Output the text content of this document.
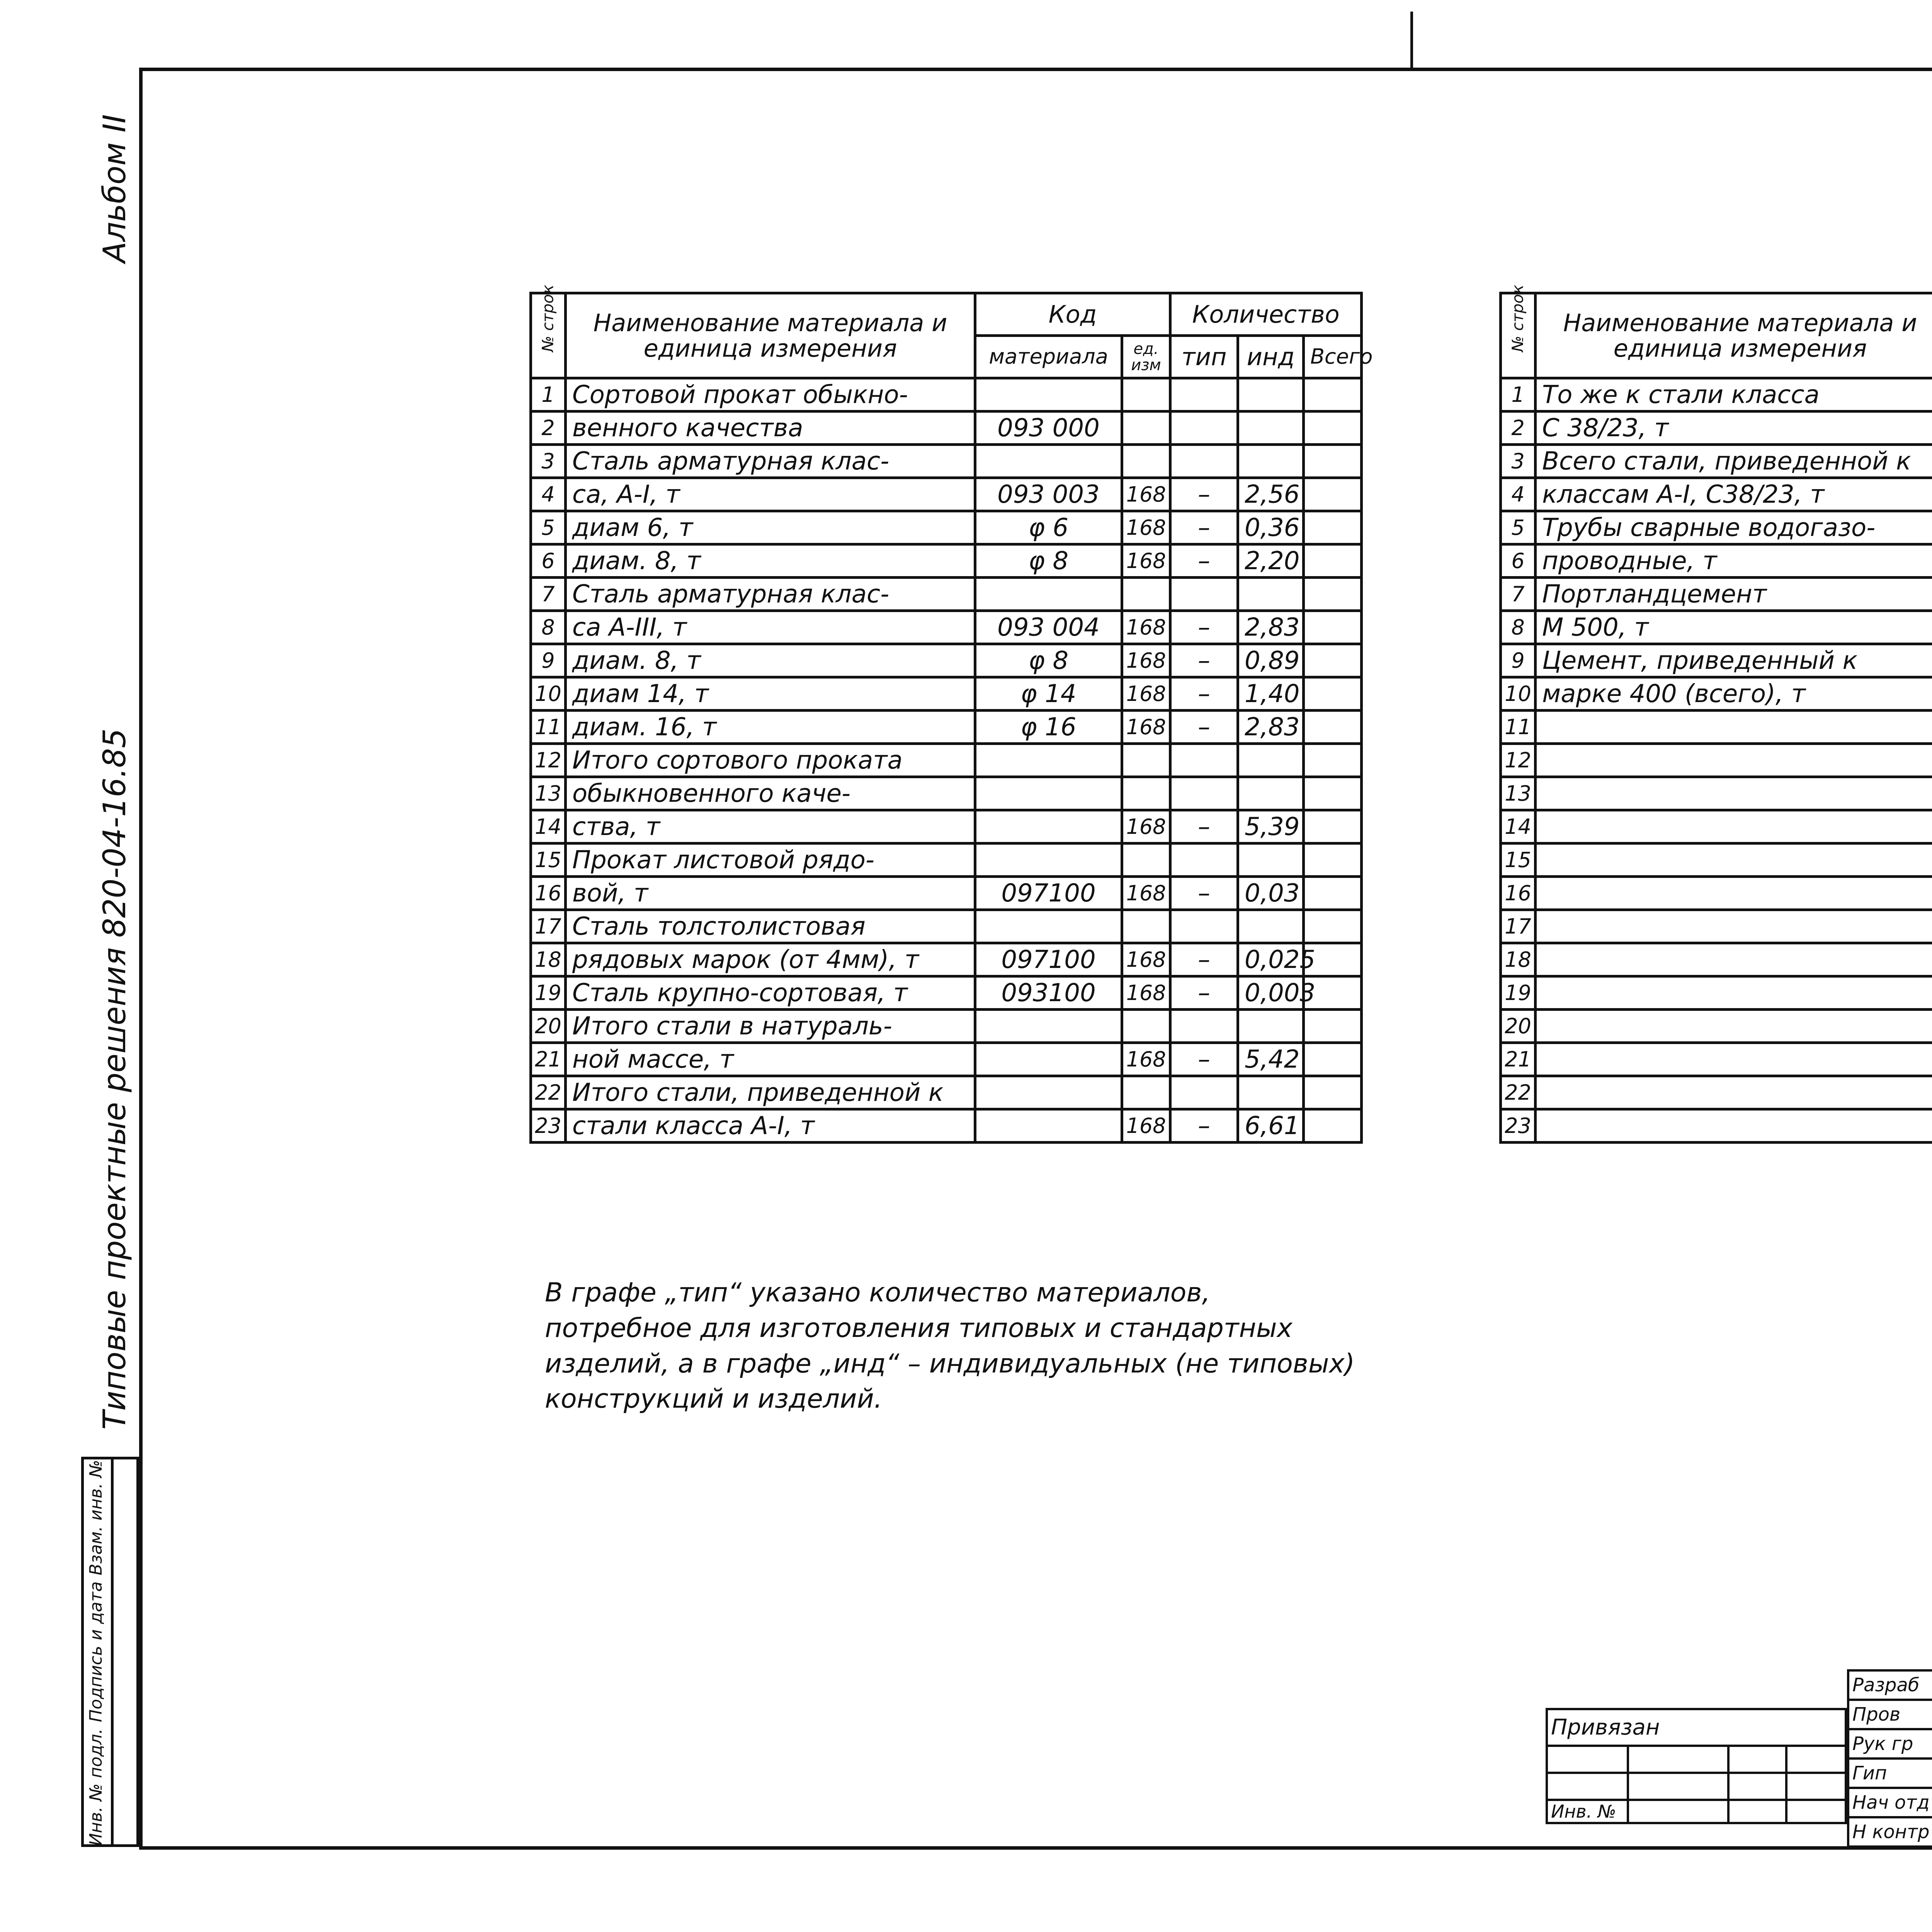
Альбом II
Типовые проектные решения 820-04-16.85
Инв. № подл.
Подпись и дата
Взам. инв. №
№ строк	Наименование материала и единица измерения	Код		Количество		
		материала	ед. изм	тип	инд	Всего
1	Сортовой прокат обыкно-					
2	венного качества	093 000				
3	Сталь арматурная клас-					
4	са, А-I, т	093 003	168	–	2,56	
5	диам 6, т	φ 6	168	–	0,36	
6	диам. 8, т	φ 8	168	–	2,20	
7	Сталь арматурная клас-					
8	са А-III, т	093 004	168	–	2,83	
9	диам. 8, т	φ 8	168	–	0,89	
10	диам 14, т	φ 14	168	–	1,40	
11	диам. 16, т	φ 16	168	–	2,83	
12	Итого сортового проката					
13	обыкновенного каче-					
14	ства, т		168	–	5,39	
15	Прокат листовой рядо-					
16	вой, т	097100	168	–	0,03	
17	Сталь толстолистовая					
18	рядовых марок (от 4мм), т	097100	168	–	0,025	
19	Сталь крупно-сортовая, т	093100	168	–	0,003	
20	Итого стали в натураль-					
21	ной массе, т		168	–	5,42	
22	Итого стали, приведенной к					
23	стали класса А-I, т		168	–	6,61	
№ строк	Наименование материала и единица измерения		

1	То же к стали класса					
2	С 38/23, т					
3	Всего стали, приведенной к					
4	классам А-I, С38/23, т					
5	Трубы сварные водогазо-					
6	проводные, т					
7	Портландцемент					
8	М 500, т					
9	Цемент, приведенный к					
10	марке 400 (всего), т					
11						
12						
13						
14						
15						
16						
17						
18						
19						
20						
21						
22						
23						
В графе „тип“ указано количество материалов, потребное для изготовления типовых и стандартных изделий, а в графе „инд“ – индивидуальных (не типовых) конструкций и изделий.
Привязан			

Инв. №			
Разраб			
Пров			
Рук гр			
Гип			
Нач отд			
Н контр			
